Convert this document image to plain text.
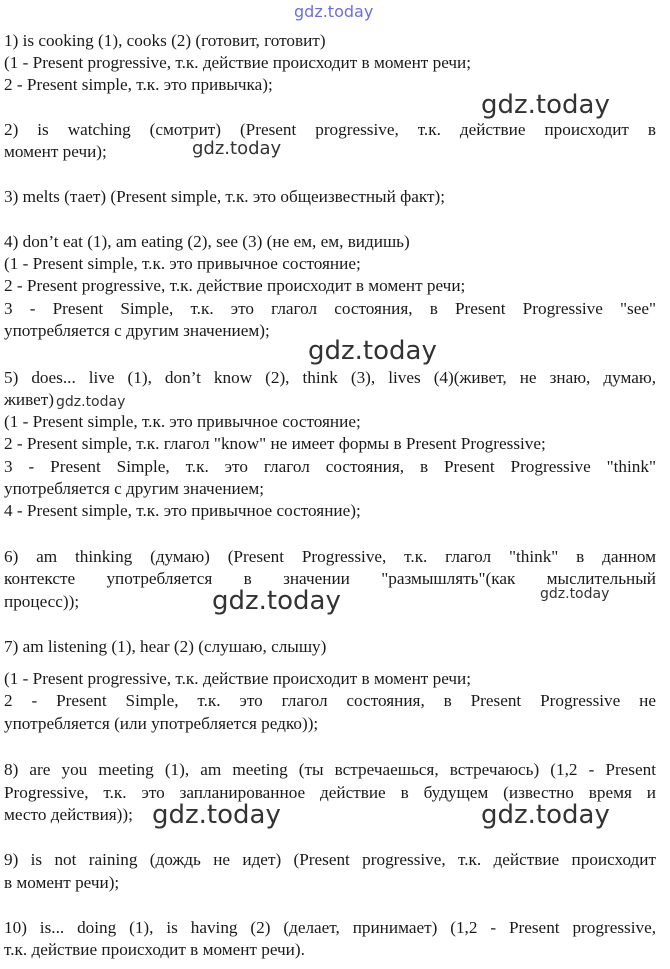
gdz.today
gdz.today
gdz.today
gdz.today
gdz.today
gdz.today	gdz.today
gdz.today	gdz.today
1) is cooking (1), cooks (2) (готовит, готовит)
(1 - Present progressive, т.к. действие происходит в момент речи;
2 - Present simple, т.к. это привычка);
2) is watching (смотрит) (Present progressive, т.к. действие происходит в
момент речи);
3) melts (тает) (Present simple, т.к. это общеизвестный факт);
4) don’t eat (1), am eating (2), see (3) (не ем, ем, видишь)
(1 - Present simple, т.к. это привычное состояние;
2 - Present progressive, т.к. действие происходит в момент речи;
3 - Present Simple, т.к. это глагол состояния, в Present Progressive "see"
употребляется с другим значением);
5) does... live (1), don’t know (2), think (3), lives (4)(живет, не знаю, думаю,
живет)
(1 - Present simple, т.к. это привычное состояние;
2 - Present simple, т.к. глагол "know" не имеет формы в Present Progressive;
3 - Present Simple, т.к. это глагол состояния, в Present Progressive "think"
употребляется с другим значением;
4 - Present simple, т.к. это привычное состояние);
6) am thinking (думаю) (Present Progressive, т.к. глагол "think" в данном
контексте употребляется в значении "размышлять"(как мыслительный
процесс));
7) am listening (1), hear (2) (слушаю, слышу)
(1 - Present progressive, т.к. действие происходит в момент речи;
2 - Present Simple, т.к. это глагол состояния, в Present Progressive не
употребляется (или употребляется редко));
8) are you meeting (1), am meeting (ты встречаешься, встречаюсь) (1,2 - Present
Progressive, т.к. это запланированное действие в будущем (известно время и
место действия));
9) is not raining (дождь не идет) (Present progressive, т.к. действие происходит
в момент речи);
10) is... doing (1), is having (2) (делает, принимает) (1,2 - Present progressive,
т.к. действие происходит в момент речи).
